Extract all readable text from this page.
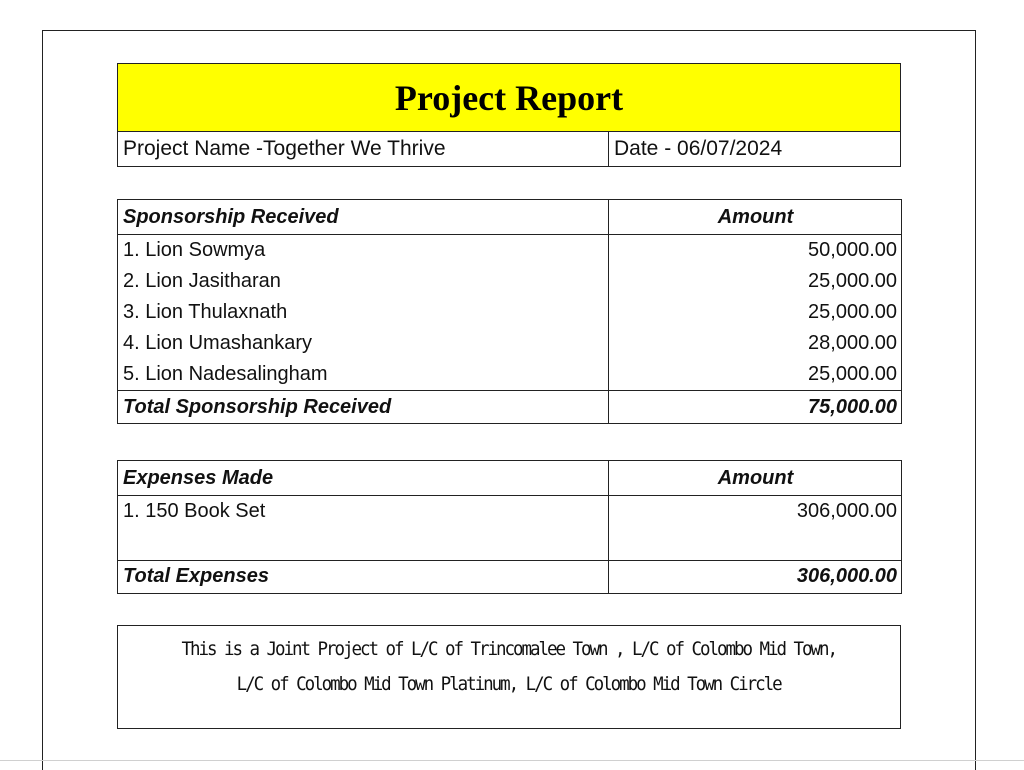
Project Report
Project Name -Together We Thrive	Date - 06/07/2024
Sponsorship Received	Amount
1. Lion Sowmya	50,000.00
2. Lion Jasitharan	25,000.00
3. Lion Thulaxnath	25,000.00
4. Lion Umashankary	28,000.00
5. Lion Nadesalingham	25,000.00
Total Sponsorship Received	75,000.00
Expenses Made	Amount
1. 150 Book Set	306,000.00

Total Expenses	306,000.00
This is a Joint Project of L/C of Trincomalee Town , L/C of Colombo Mid Town,
L/C of Colombo Mid Town Platinum, L/C of Colombo Mid Town Circle
